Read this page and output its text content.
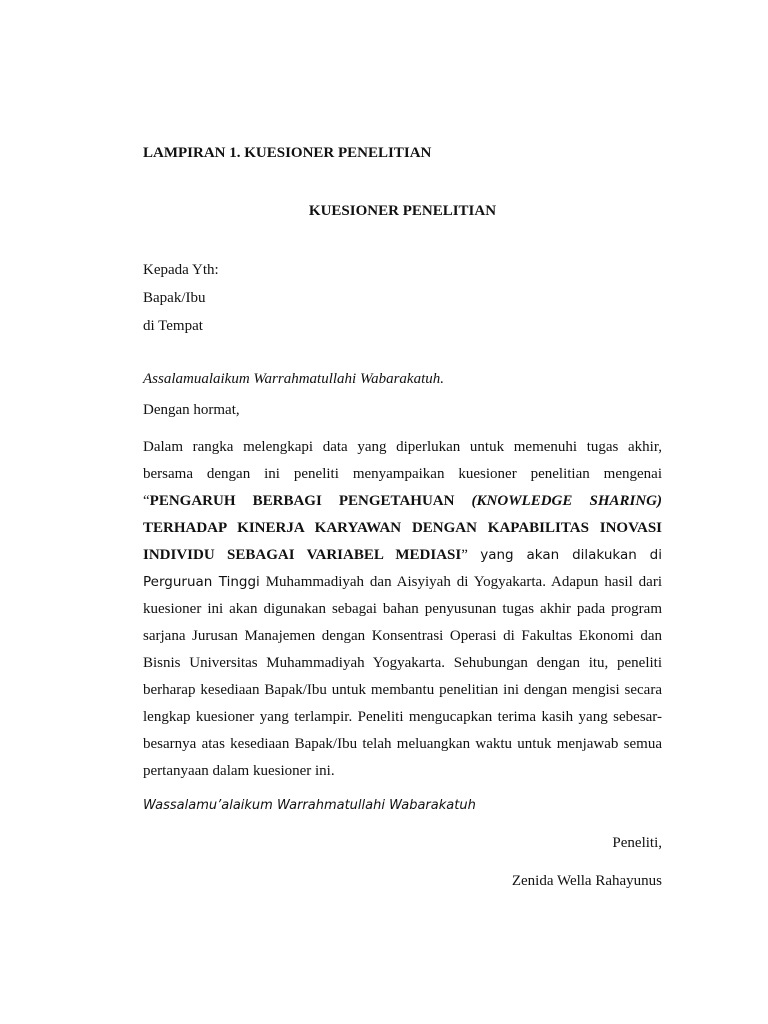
LAMPIRAN 1. KUESIONER PENELITIAN
KUESIONER PENELITIAN
Kepada Yth:
Bapak/Ibu
di Tempat
Assalamualaikum Warrahmatullahi Wabarakatuh.
Dengan hormat,
Dalam rangka melengkapi data yang diperlukan untuk memenuhi tugas akhir, bersama dengan ini peneliti menyampaikan kuesioner penelitian mengenai “PENGARUH BERBAGI PENGETAHUAN (KNOWLEDGE SHARING) TERHADAP KINERJA KARYAWAN DENGAN KAPABILITAS INOVASI INDIVIDU SEBAGAI VARIABEL MEDIASI” yang akan dilakukan di Perguruan Tinggi Muhammadiyah dan Aisyiyah di Yogyakarta. Adapun hasil dari kuesioner ini akan digunakan sebagai bahan penyusunan tugas akhir pada program sarjana Jurusan Manajemen dengan Konsentrasi Operasi di Fakultas Ekonomi dan Bisnis Universitas Muhammadiyah Yogyakarta. Sehubungan dengan itu, peneliti berharap kesediaan Bapak/Ibu untuk membantu penelitian ini dengan mengisi secara lengkap kuesioner yang terlampir. Peneliti mengucapkan terima kasih yang sebesar-besarnya atas kesediaan Bapak/Ibu telah meluangkan waktu untuk menjawab semua pertanyaan dalam kuesioner ini.
Wassalamu’alaikum Warrahmatullahi Wabarakatuh
Peneliti,
Zenida Wella Rahayunus
